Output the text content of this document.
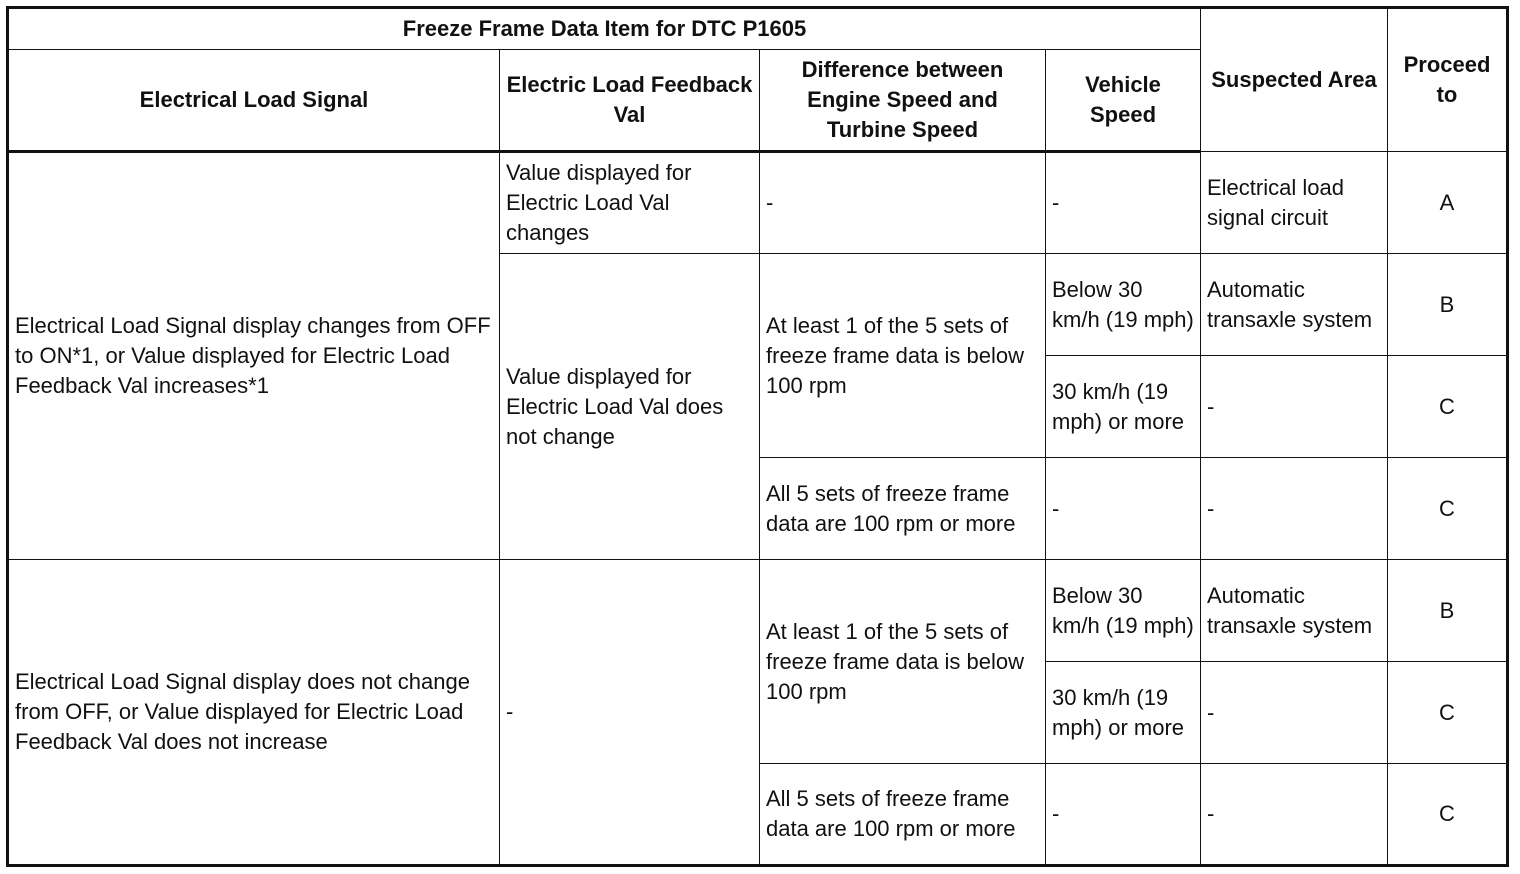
Freeze Frame Data Item for DTC P1605				Suspected Area	Proceed to
Electrical Load Signal	Electric Load Feedback Val	Difference between Engine Speed and Turbine Speed	Vehicle Speed		
Electrical Load Signal display changes from OFF to ON*1, or Value displayed for Electric Load Feedback Val increases*1	Value displayed for Electric Load Val changes	-	-	Electrical load signal circuit	A
	Value displayed for Electric Load Val does not change	At least 1 of the 5 sets of freeze frame data is below 100 rpm	Below 30 km/h (19 mph)	Automatic transaxle system	B
			30 km/h (19 mph) or more	-	C
		All 5 sets of freeze frame data are 100 rpm or more	-	-	C
Electrical Load Signal display does not change from OFF, or Value displayed for Electric Load Feedback Val does not increase	-	At least 1 of the 5 sets of freeze frame data is below 100 rpm	Below 30 km/h (19 mph)	Automatic transaxle system	B
			30 km/h (19 mph) or more	-	C
		All 5 sets of freeze frame data are 100 rpm or more	-	-	C
